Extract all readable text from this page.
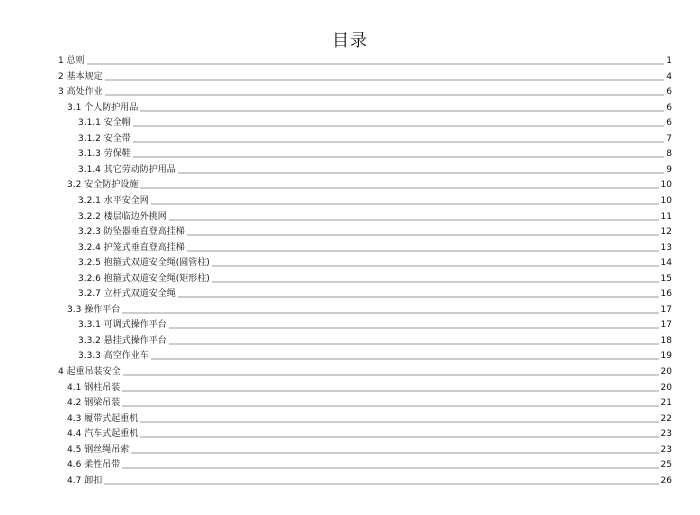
目录
1 总则	1
2 基本规定	4
3 高处作业	6
3.1 个人防护用品	6
3.1.1 安全帽	6
3.1.2 安全带	7
3.1.3 劳保鞋	8
3.1.4 其它劳动防护用品	9
3.2 安全防护设施	10
3.2.1 水平安全网	10
3.2.2 楼层临边外挑网	11
3.2.3 防坠器垂直登高挂梯	12
3.2.4 护笼式垂直登高挂梯	13
3.2.5 抱箍式双道安全绳(圆管柱)	14
3.2.6 抱箍式双道安全绳(矩形柱)	15
3.2.7 立杆式双道安全绳	16
3.3 操作平台	17
3.3.1 可调式操作平台	17
3.3.2 悬挂式操作平台	18
3.3.3 高空作业车	19
4 起重吊装安全	20
4.1 钢柱吊装	20
4.2 钢梁吊装	21
4.3 履带式起重机	22
4.4 汽车式起重机	23
4.5 钢丝绳吊索	23
4.6 柔性吊带	25
4.7 卸扣	26
